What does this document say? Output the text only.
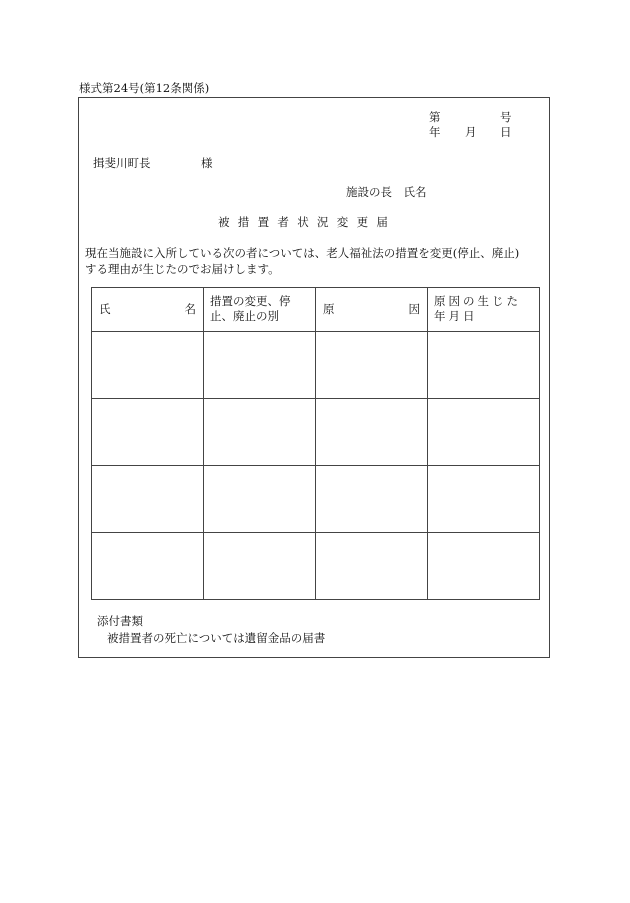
様式第24号(第12条関係)
第	号
年 月 日
揖斐川町長	様
施設の長　氏名
被措置者状況変更届
現在当施設に入所している次の者については、老人福祉法の措置を変更(停止、廃止)
する理由が生じたのでお届けします。
氏 名	措置の変更、停止、廃止の別	原 因	原因の生じた年月日

添付書類
被措置者の死亡については遺留金品の届書
